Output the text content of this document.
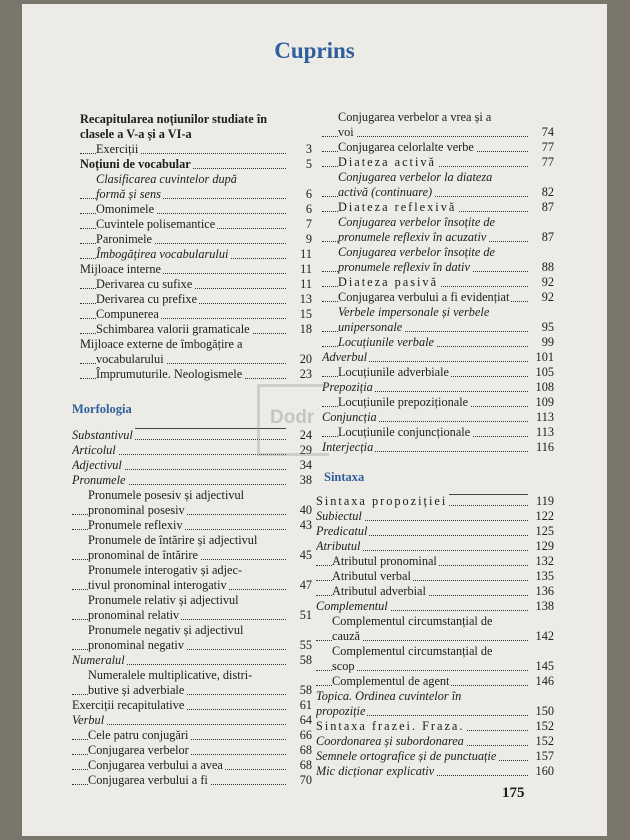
Cuprins
Recapitularea noțiunilor studiate în
clasele a V-a și a VI-a
Exerciții	3
Noțiuni de vocabular	5
Clasificarea cuvintelor după
formă și sens	6
Omonimele	6
Cuvintele polisemantice	7
Paronimele	9
Îmbogățirea vocabularului	11
Mijloace interne	11
Derivarea cu sufixe	11
Derivarea cu prefixe	13
Compunerea	15
Schimbarea valorii gramaticale	18
Mijloace externe de îmbogățire a
vocabularului	20
Împrumuturile. Neologismele	23
Morfologia
Substantivul	24
Articolul	29
Adjectivul	34
Pronumele	38
Pronumele posesiv și adjectivul
pronominal posesiv	40
Pronumele reflexiv	43
Pronumele de întărire și adjectivul
pronominal de întărire	45
Pronumele interogativ și adjec-
tivul pronominal interogativ	47
Pronumele relativ și adjectivul
pronominal relativ	51
Pronumele negativ și adjectivul
pronominal negativ	55
Numeralul	58
Numeralele multiplicative, distri-
butive și adverbiale	58
Exerciții recapitulative	61
Verbul	64
Cele patru conjugări	66
Conjugarea verbelor	68
Conjugarea verbului a avea	68
Conjugarea verbului a fi	70
Conjugarea verbelor a vrea și a
voi	74
Conjugarea celorlalte verbe	77
Diateza activă	77
Conjugarea verbelor la diateza
activă (continuare)	82
Diateza reflexivă	87
Conjugarea verbelor însoțite de
pronumele reflexiv în acuzativ	87
Conjugarea verbelor însoțite de
pronumele reflexiv în dativ	88
Diateza pasivă	92
Conjugarea verbului a fi evidențiat	92
Verbele impersonale și verbele
unipersonale	95
Locuțiunile verbale	99
Adverbul	101
Locuțiunile adverbiale	105
Prepoziția	108
Locuțiunile prepoziționale	109
Conjuncția	113
Locuțiunile conjuncționale	113
Interjecția	116
Sintaxa
Sintaxa propoziției	119
Subiectul	122
Predicatul	125
Atributul	129
Atributul pronominal	132
Atributul verbal	135
Atributul adverbial	136
Complementul	138
Complementul circumstanțial de
cauză	142
Complementul circumstanțial de
scop	145
Complementul de agent	146
Topica. Ordinea cuvintelor în
propoziție	150
Sintaxa frazei. Fraza.	152
Coordonarea și subordonarea	152
Semnele ortografice și de punctuație	157
Mic dicționar explicativ	160
Dodr
175
